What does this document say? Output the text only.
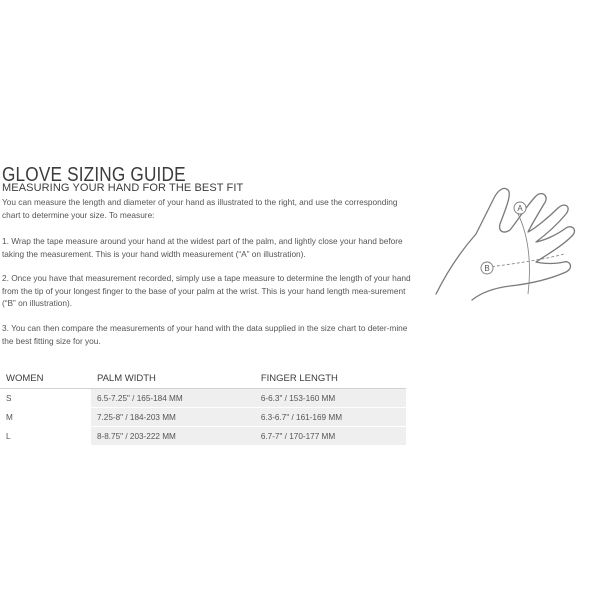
GLOVE SIZING GUIDE
MEASURING YOUR HAND FOR THE BEST FIT

You can measure the length and diameter of your hand as illustrated to the right, and use the corresponding chart to determine your size. To measure:

1. Wrap the tape measure around your hand at the widest part of the palm, and lightly close your hand before taking the measurement. This is your hand width measurement (“A” on illustration).

2. Once you have that measurement recorded, simply use a tape measure to determine the length of your hand from the tip of your longest finger to the base of your palm at the wrist. This is your hand length mea-surement (“B” on illustration).

3. You can then compare the measurements of your hand with the data supplied in the size chart to deter-mine the best fitting size for you.

A
B
WOMEN	PALM WIDTH	FINGER LENGTH
S	6.5-7.25" / 165-184 MM	6-6.3" / 153-160 MM
M	7.25-8" / 184-203 MM	6.3-6.7" / 161-169 MM
L	8-8.75" / 203-222 MM	6.7-7" / 170-177 MM
